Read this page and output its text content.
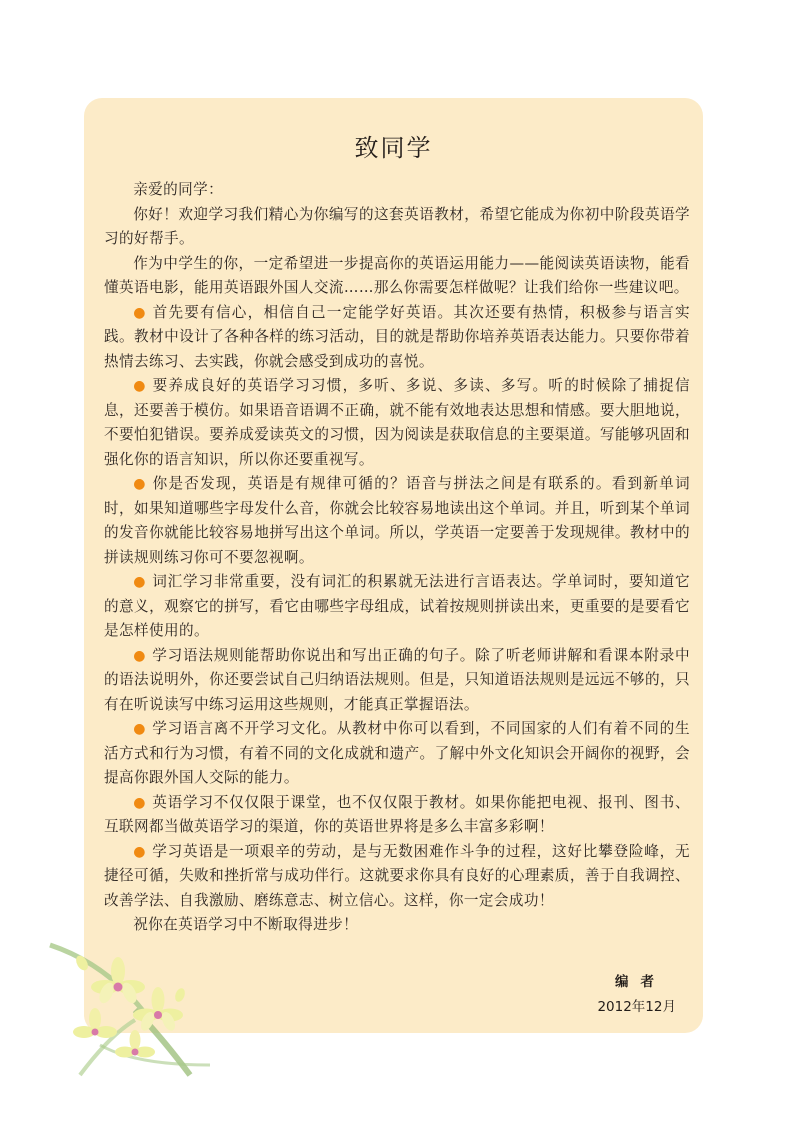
致同学

亲爱的同学：

你好！欢迎学习我们精心为你编写的这套英语教材，希望它能成为你初中阶段英语学习的好帮手。

作为中学生的你，一定希望进一步提高你的英语运用能力——能阅读英语读物，能看懂英语电影，能用英语跟外国人交流……那么你需要怎样做呢？让我们给你一些建议吧。

● 首先要有信心，相信自己一定能学好英语。其次还要有热情，积极参与语言实践。教材中设计了各种各样的练习活动，目的就是帮助你培养英语表达能力。只要你带着热情去练习、去实践，你就会感受到成功的喜悦。

● 要养成良好的英语学习习惯，多听、多说、多读、多写。听的时候除了捕捉信息，还要善于模仿。如果语音语调不正确，就不能有效地表达思想和情感。要大胆地说，不要怕犯错误。要养成爱读英文的习惯，因为阅读是获取信息的主要渠道。写能够巩固和强化你的语言知识，所以你还要重视写。

● 你是否发现，英语是有规律可循的？语音与拼法之间是有联系的。看到新单词时，如果知道哪些字母发什么音，你就会比较容易地读出这个单词。并且，听到某个单词的发音你就能比较容易地拼写出这个单词。所以，学英语一定要善于发现规律。教材中的拼读规则练习你可不要忽视啊。

● 词汇学习非常重要，没有词汇的积累就无法进行言语表达。学单词时，要知道它的意义，观察它的拼写，看它由哪些字母组成，试着按规则拼读出来，更重要的是要看它是怎样使用的。

● 学习语法规则能帮助你说出和写出正确的句子。除了听老师讲解和看课本附录中的语法说明外，你还要尝试自己归纳语法规则。但是，只知道语法规则是远远不够的，只有在听说读写中练习运用这些规则，才能真正掌握语法。

● 学习语言离不开学习文化。从教材中你可以看到，不同国家的人们有着不同的生活方式和行为习惯，有着不同的文化成就和遗产。了解中外文化知识会开阔你的视野，会提高你跟外国人交际的能力。

● 英语学习不仅仅限于课堂，也不仅仅限于教材。如果你能把电视、报刊、图书、互联网都当做英语学习的渠道，你的英语世界将是多么丰富多彩啊！

● 学习英语是一项艰辛的劳动，是与无数困难作斗争的过程，这好比攀登险峰，无捷径可循，失败和挫折常与成功伴行。这就要求你具有良好的心理素质，善于自我调控、改善学法、自我激励、磨练意志、树立信心。这样，你一定会成功！

祝你在英语学习中不断取得进步！

编者
2012年12月
